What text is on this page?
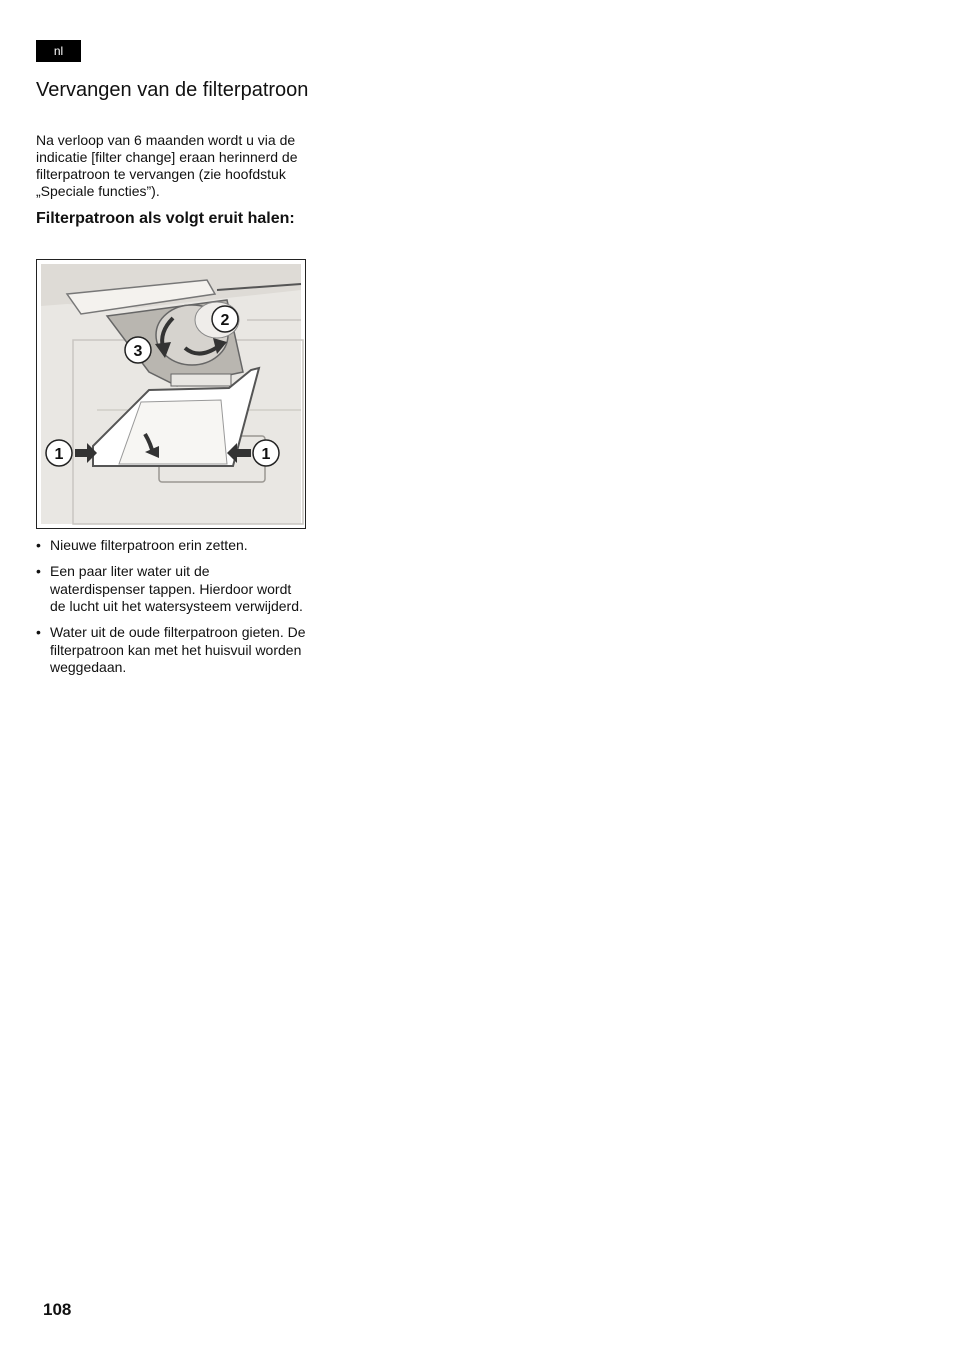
nl
Vervangen van de filterpatroon

Na verloop van 6 maanden wordt u via de indicatie [filter change] eraan herinnerd de filterpatroon te vervangen (zie hoofdstuk „Speciale functies”).

Filterpatroon als volgt eruit halen:
1	1
2
3
• Nieuwe filterpatroon erin zetten.
• Een paar liter water uit de waterdispenser tappen. Hierdoor wordt de lucht uit het watersysteem verwijderd.
• Water uit de oude filterpatroon gieten. De filterpatroon kan met het huisvuil worden weggedaan.
108
